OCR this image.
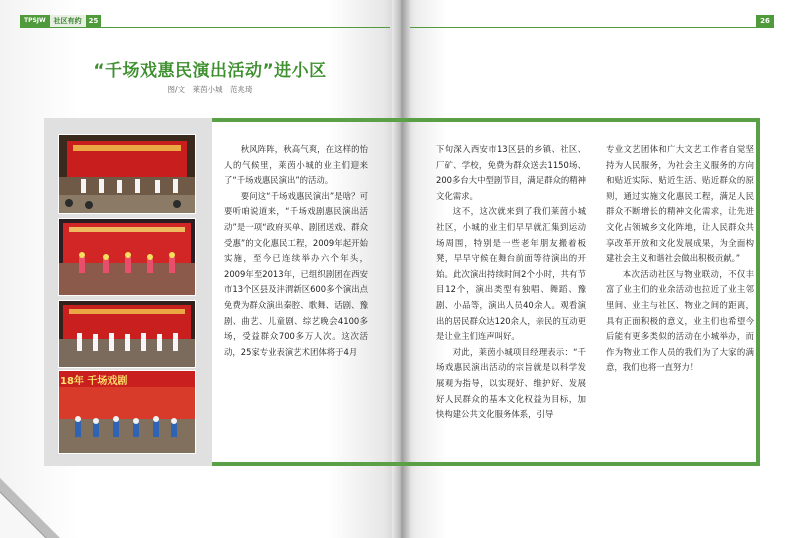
TPSJW	社区有约	25	26
“千场戏惠民演出活动”进小区
图/文　莱茵小城　范兆琦
18年 千场戏剧

秋风阵阵，秋高气爽，在这样的怡人的气候里，莱茵小城的业主们迎来了“千场戏惠民演出”的活动。

要问这“千场戏惠民演出”是啥？可要听咱说道来，“千场戏剧惠民演出活动”是一项“政府买单、剧团送戏、群众受惠”的文化惠民工程，2009年起开始实施，至今已连续举办六个年头，2009年至2013年，已组织剧团在西安市13个区县及沣渭新区600多个演出点免费为群众演出秦腔、歌舞、话剧、豫剧、曲艺、儿童剧、综艺晚会4100多场，受益群众700多万人次。这次活动，25家专业表演艺术团体将于4月

下旬深入西安市13区县的乡镇、社区、厂矿、学校，免费为群众送去1150场、200多台大中型剧节目，满足群众的精神文化需求。

这不，这次就来到了我们莱茵小城社区，小城的业主们早早就汇集到运动场周围，特别是一些老年朋友搬着板凳，早早守候在舞台前面等待演出的开始。此次演出持续时间2个小时，共有节目12个，演出类型有独唱、舞蹈、豫剧、小品等，演出人员40余人。观看演出的居民群众达120余人，亲民的互动更是让业主们连声叫好。

对此，莱茵小城项目经理表示：“千场戏惠民演出活动的宗旨就是以科学发展观为指导，以实现好、维护好、发展好人民群众的基本文化权益为目标，加快构建公共文化服务体系，引导

专业文艺团体和广大文艺工作者自觉坚持为人民服务，为社会主义服务的方向和贴近实际、贴近生活、贴近群众的原则，通过实施文化惠民工程，满足人民群众不断增长的精神文化需求，让先进文化占领城乡文化阵地，让人民群众共享改革开放和文化发展成果，为全面构建社会主义和谐社会做出积极贡献。”

本次活动社区与物业联动，不仅丰富了业主们的业余活动也拉近了业主邻里间、业主与社区、物业之间的距离，具有正面积极的意义，业主们也希望今后能有更多类似的活动在小城举办，而作为物业工作人员的我们为了大家的满意，我们也将一直努力！
